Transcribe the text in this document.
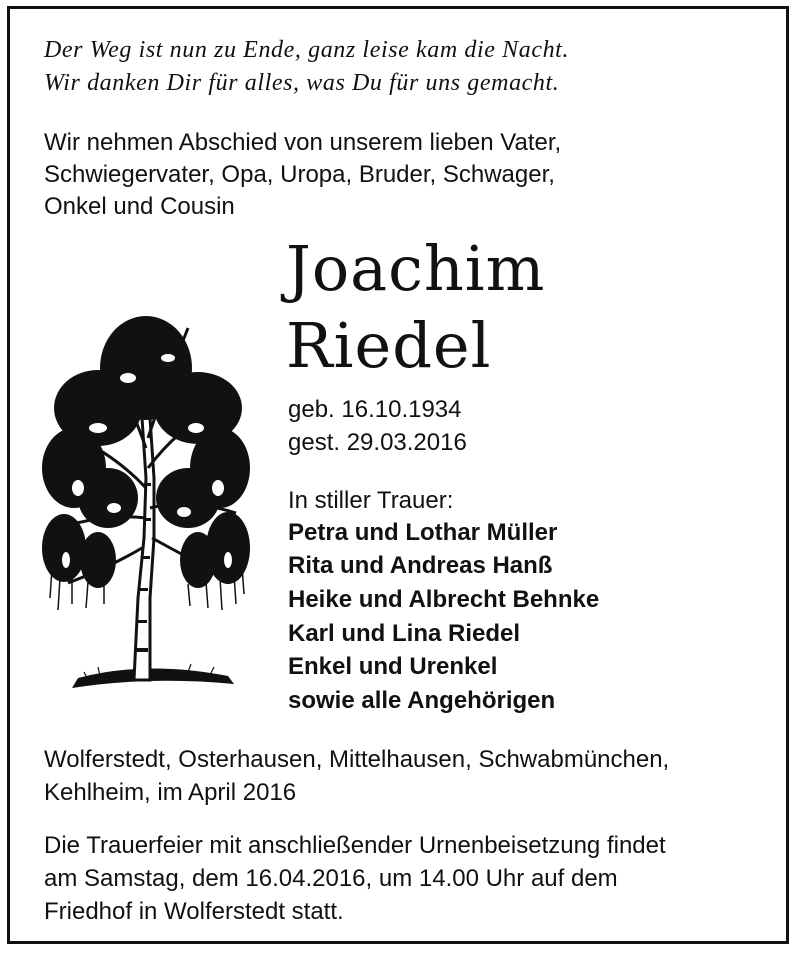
Der Weg ist nun zu Ende, ganz leise kam die Nacht.
Wir danken Dir für alles, was Du für uns gemacht.
Wir nehmen Abschied von unserem lieben Vater,
Schwiegervater, Opa, Uropa, Bruder, Schwager,
Onkel und Cousin
Joachim
Riedel
geb. 16.10.1934
gest. 29.03.2016
In stiller Trauer:
Petra und Lothar Müller
Rita und Andreas Hanß
Heike und Albrecht Behnke
Karl und Lina Riedel
Enkel und Urenkel
sowie alle Angehörigen
Wolferstedt, Osterhausen, Mittelhausen, Schwabmünchen,
Kehlheim, im April 2016
Die Trauerfeier mit anschließender Urnenbeisetzung findet
am Samstag, dem 16.04.2016, um 14.00 Uhr auf dem
Friedhof in Wolferstedt statt.
